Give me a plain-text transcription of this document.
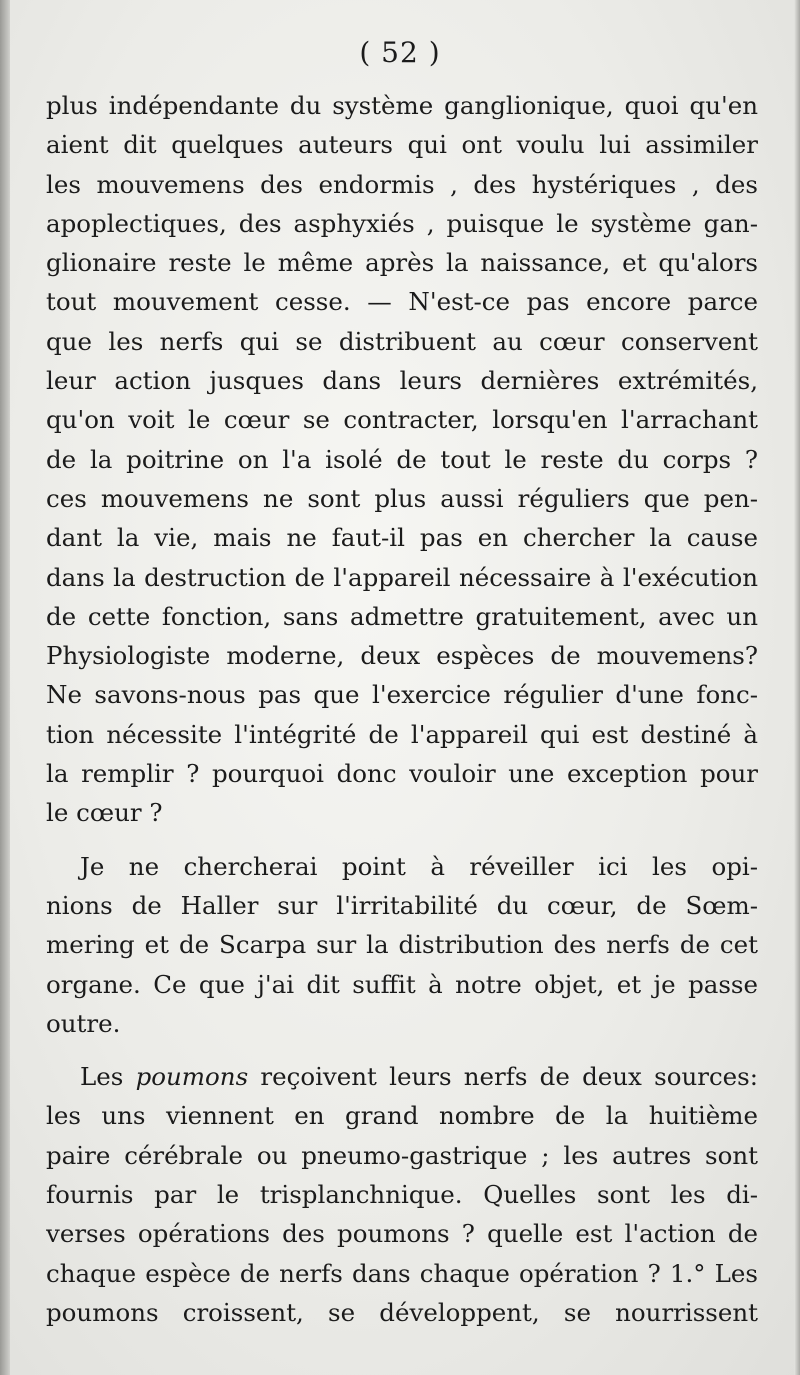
( 52 )
plus indépendante du système ganglionique, quoi qu'en
aient dit quelques auteurs qui ont voulu lui assimiler
les mouvemens des endormis , des hystériques , des
apoplectiques, des asphyxiés , puisque le système gan-
glionaire reste le même après la naissance, et qu'alors
tout mouvement cesse. — N'est-ce pas encore parce
que les nerfs qui se distribuent au cœur conservent
leur action jusques dans leurs dernières extrémités,
qu'on voit le cœur se contracter, lorsqu'en l'arrachant
de la poitrine on l'a isolé de tout le reste du corps ?
ces mouvemens ne sont plus aussi réguliers que pen-
dant la vie, mais ne faut-il pas en chercher la cause
dans la destruction de l'appareil nécessaire à l'exécution
de cette fonction, sans admettre gratuitement, avec un
Physiologiste moderne, deux espèces de mouvemens?
Ne savons-nous pas que l'exercice régulier d'une fonc-
tion nécessite l'intégrité de l'appareil qui est destiné à
la remplir ? pourquoi donc vouloir une exception pour
le cœur ?
Je ne chercherai point à réveiller ici les opi-
nions de Haller sur l'irritabilité du cœur, de Sœm-
mering et de Scarpa sur la distribution des nerfs de cet
organe. Ce que j'ai dit suffit à notre objet, et je passe
outre.
Les poumons reçoivent leurs nerfs de deux sources:
les uns viennent en grand nombre de la huitième
paire cérébrale ou pneumo-gastrique ; les autres sont
fournis par le trisplanchnique. Quelles sont les di-
verses opérations des poumons ? quelle est l'action de
chaque espèce de nerfs dans chaque opération ? 1.° Les
poumons croissent, se développent, se nourrissent
